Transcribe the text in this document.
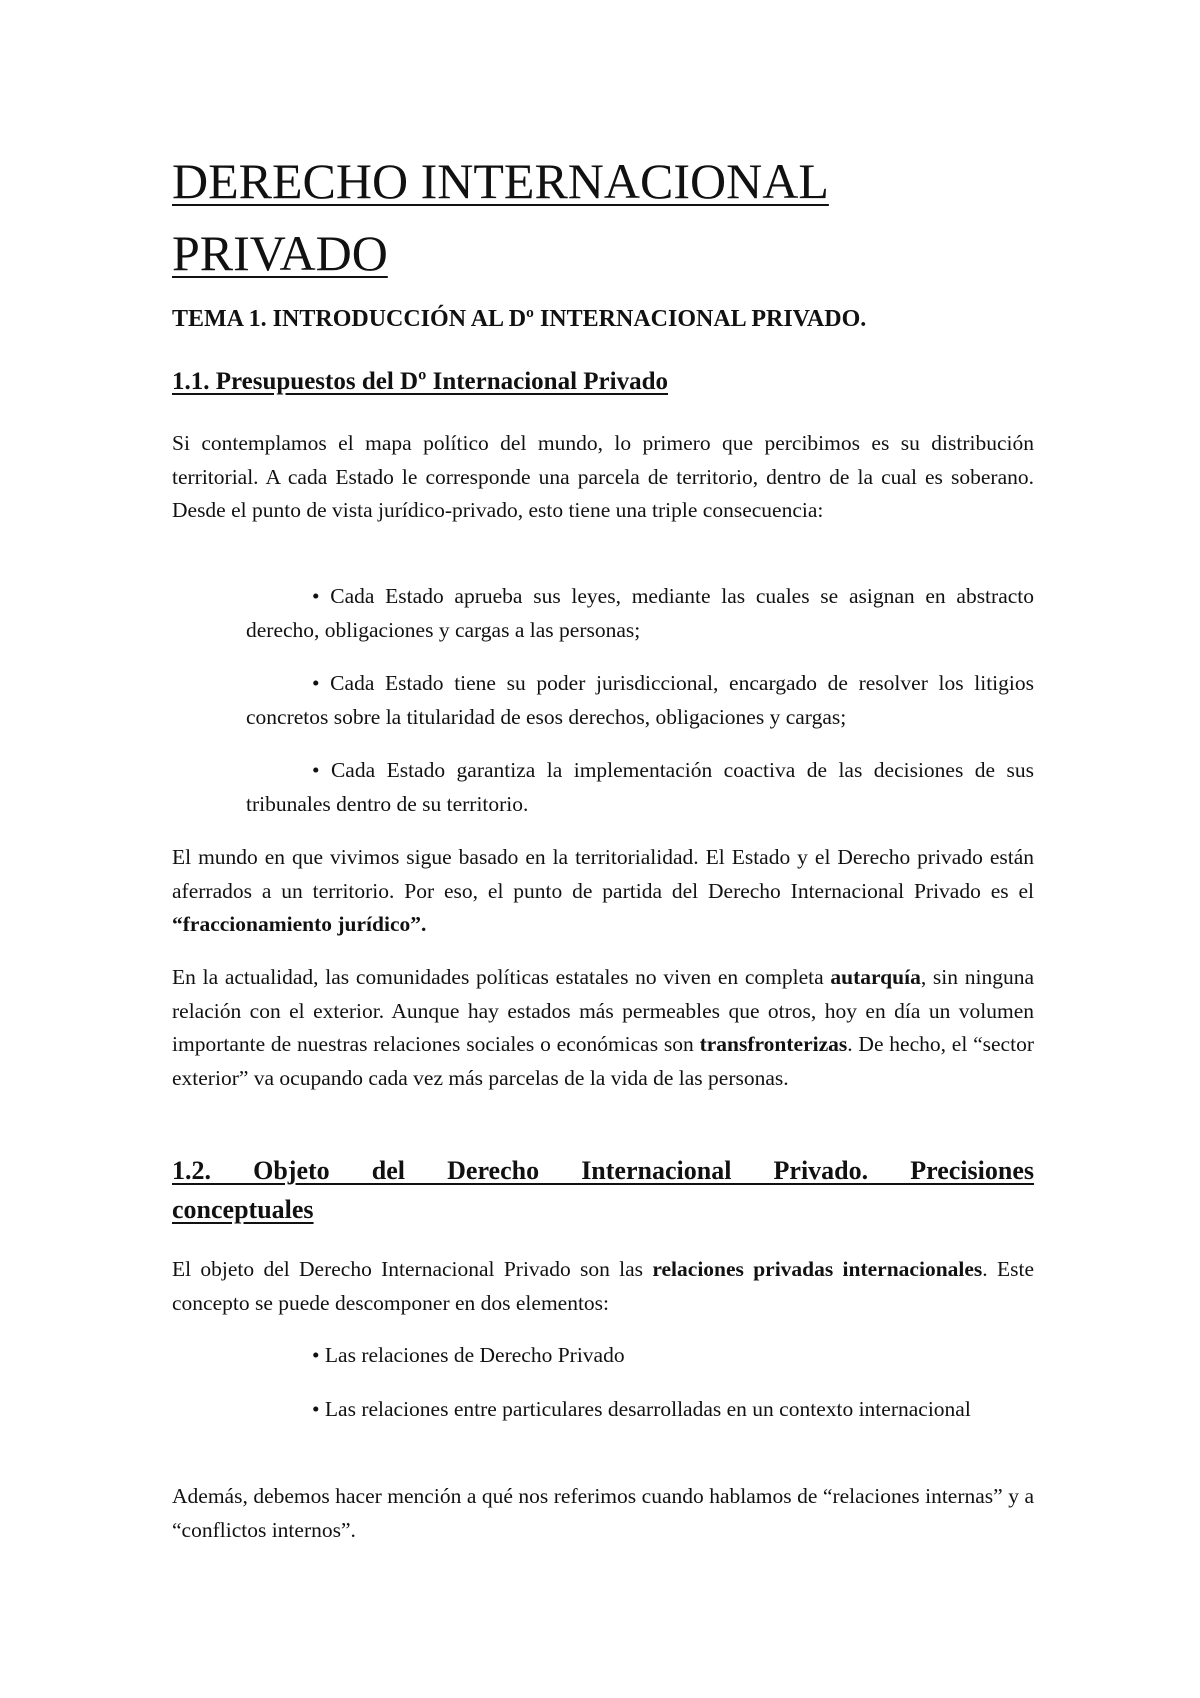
DERECHO INTERNACIONAL
PRIVADO
TEMA 1. INTRODUCCIÓN AL Dº INTERNACIONAL PRIVADO.
1.1. Presupuestos del Dº Internacional Privado

Si contemplamos el mapa político del mundo, lo primero que percibimos es su distribución territorial. A cada Estado le corresponde una parcela de territorio, dentro de la cual es soberano. Desde el punto de vista jurídico-privado, esto tiene una triple consecuencia:

• Cada Estado aprueba sus leyes, mediante las cuales se asignan en abstracto derecho, obligaciones y cargas a las personas;

• Cada Estado tiene su poder jurisdiccional, encargado de resolver los litigios concretos sobre la titularidad de esos derechos, obligaciones y cargas;

• Cada Estado garantiza la implementación coactiva de las decisiones de sus tribunales dentro de su territorio.

El mundo en que vivimos sigue basado en la territorialidad. El Estado y el Derecho privado están aferrados a un territorio. Por eso, el punto de partida del Derecho Internacional Privado es el “fraccionamiento jurídico”.

En la actualidad, las comunidades políticas estatales no viven en completa autarquía, sin ninguna relación con el exterior. Aunque hay estados más permeables que otros, hoy en día un volumen importante de nuestras relaciones sociales o económicas son transfronterizas. De hecho, el “sector exterior” va ocupando cada vez más parcelas de la vida de las personas.

1.2. Objeto del Derecho Internacional Privado. Precisiones
conceptuales

El objeto del Derecho Internacional Privado son las relaciones privadas internacionales. Este concepto se puede descomponer en dos elementos:

• Las relaciones de Derecho Privado

• Las relaciones entre particulares desarrolladas en un contexto internacional

Además, debemos hacer mención a qué nos referimos cuando hablamos de “relaciones internas” y a “conflictos internos”.
